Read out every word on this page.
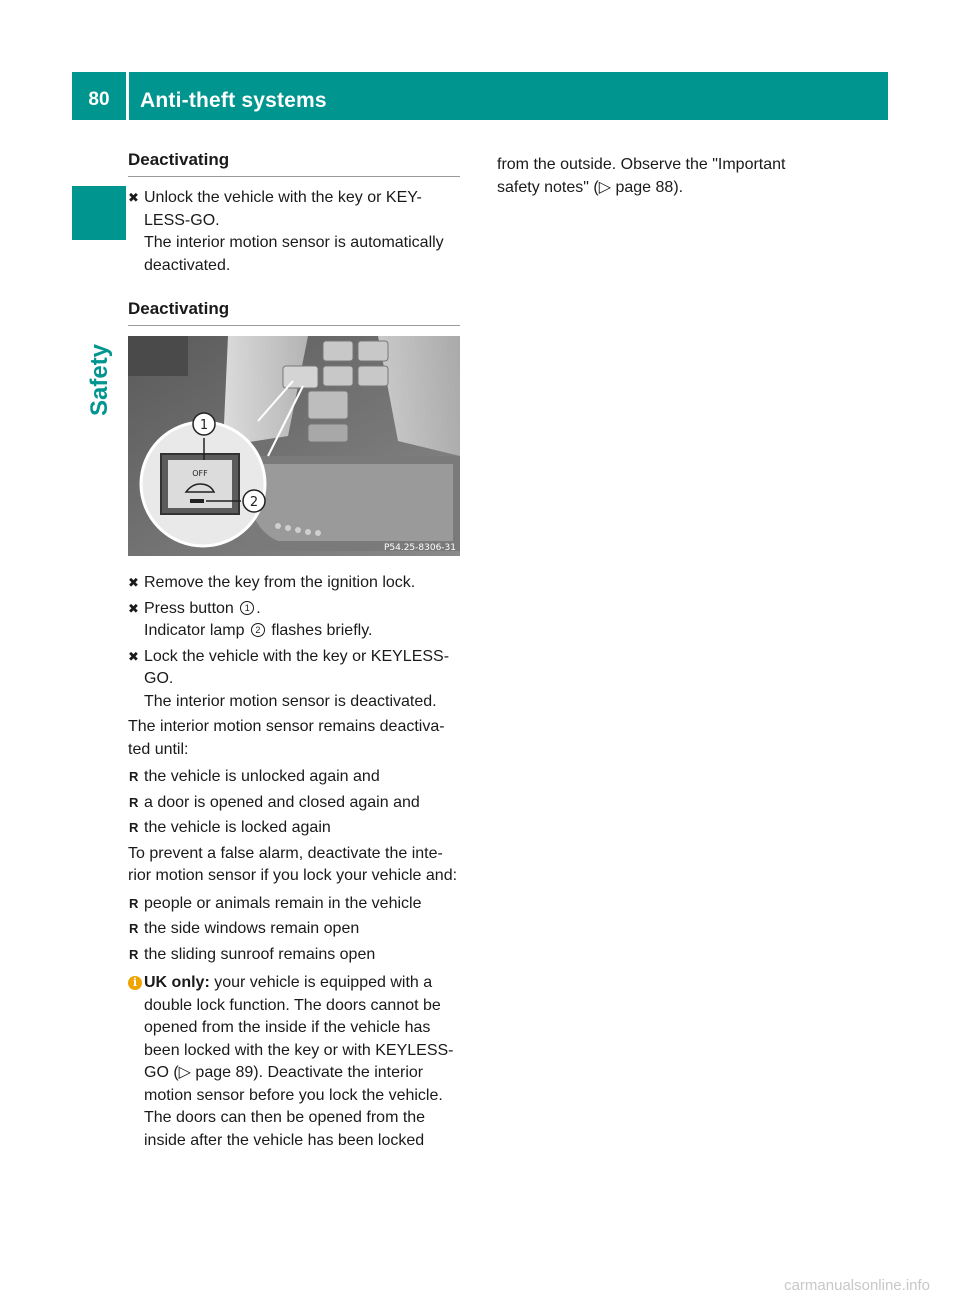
80	Anti-theft systems
Safety
Deactivating
✖ Unlock the vehicle with the key or KEY-
LESS-GO.
The interior motion sensor is automatically deactivated.
Deactivating
OFF
1
2
P54.25-8306-31
✖ Remove the key from the ignition lock.
✖ Press button 1 .
Indicator lamp 2 flashes briefly.
✖ Lock the vehicle with the key or KEYLESS-GO.
The interior motion sensor is deactivated.

The interior motion sensor remains deactiva-ted until:

R the vehicle is unlocked again and
R a door is opened and closed again and
R the vehicle is locked again

To prevent a false alarm, deactivate the inte-rior motion sensor if you lock your vehicle and:

R people or animals remain in the vehicle
R the side windows remain open
R the sliding sunroof remains open
i UK only: your vehicle is equipped with a double lock function. The doors cannot be opened from the inside if the vehicle has been locked with the key or with KEYLESS-GO (▷ page 89). Deactivate the interior motion sensor before you lock the vehicle. The doors can then be opened from the inside after the vehicle has been locked

from the outside. Observe the "Important safety notes" (▷ page 88).

carmanualsonline.info
